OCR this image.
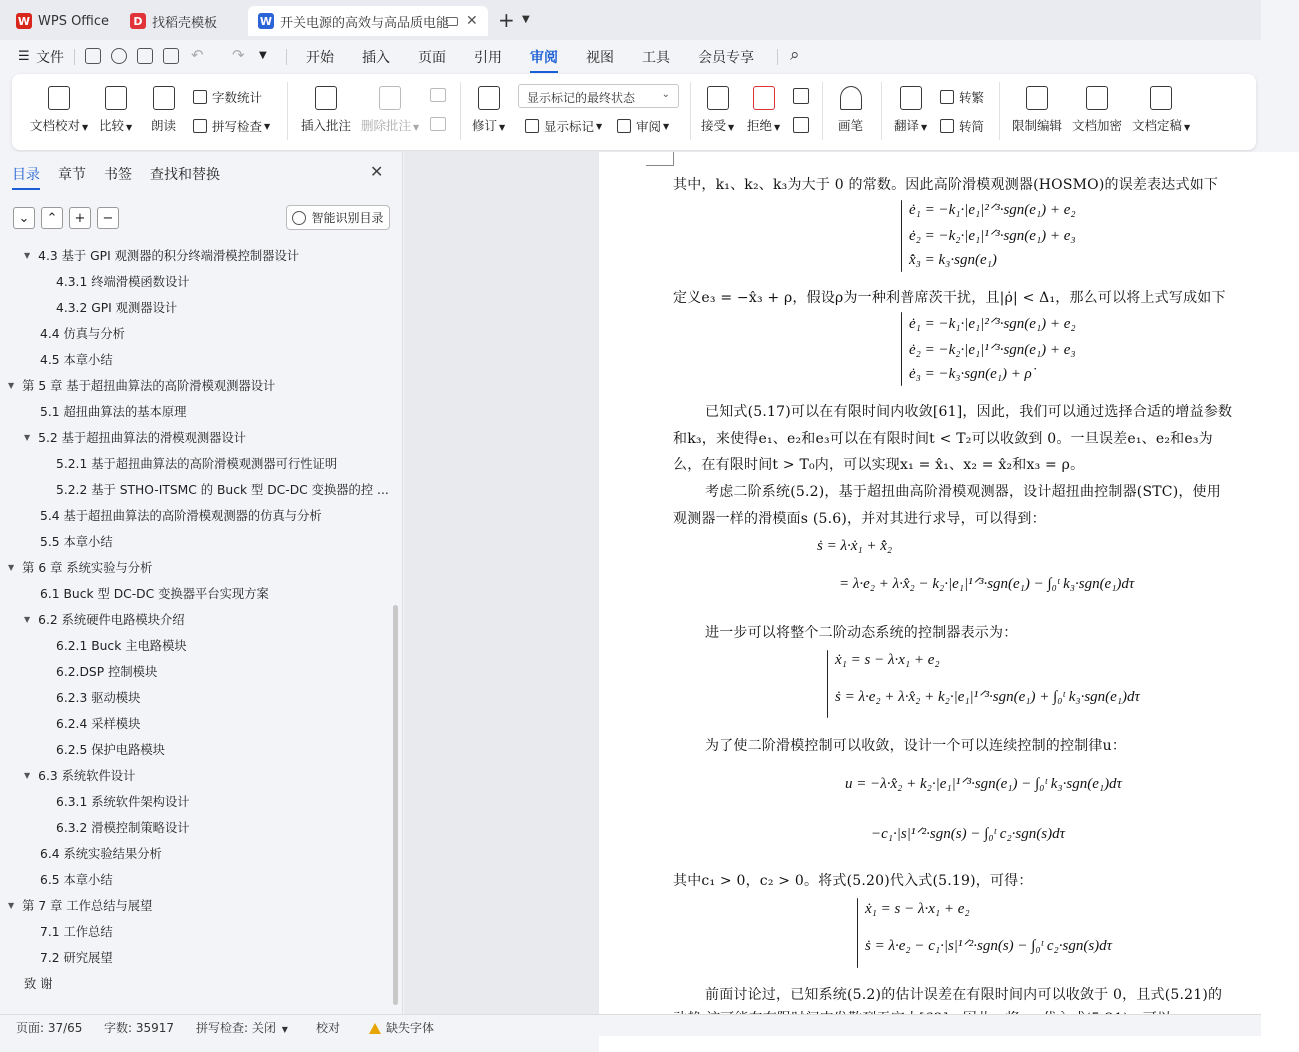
W WPS Office	D 找稻壳模板	W 开关电源的高效与高品质电能 ✕ + ▼
☰ 文件	↶ ↷ ▼	开始 插入 页面 引用 审阅 视图 工具 会员专享 ⌕
文档校对 ▼ 比较 ▼ 朗读
字数统计
拼写检查 ▼ 插入批注 删除批注 ▼	修订 ▼
显示标记的最终状态	⌄
显示标记 ▼	审阅 ▼	接受 ▼ 拒绝 ▼	画笔 翻译 ▼
转繁
转简 限制编辑 文档加密 文档定稿 ▼
目录 章节 书签 查找和替换	✕
⌄	⌃	+	−	智能识别目录
▼ 4.3 基于 GPI 观测器的积分终端滑模控制器设计
4.3.1 终端滑模函数设计
4.3.2 GPI 观测器设计
4.4 仿真与分析
4.5 本章小结
▼ 第 5 章 基于超扭曲算法的高阶滑模观测器设计
5.1 超扭曲算法的基本原理
▼ 5.2 基于超扭曲算法的滑模观测器设计
5.2.1 基于超扭曲算法的高阶滑模观测器可行性证明
5.2.2 基于 STHO-ITSMC 的 Buck 型 DC-DC 变换器的控 ...
5.4 基于超扭曲算法的高阶滑模观测器的仿真与分析
5.5 本章小结
▼ 第 6 章 系统实验与分析
6.1 Buck 型 DC-DC 变换器平台实现方案
▼ 6.2 系统硬件电路模块介绍
6.2.1 Buck 主电路模块
6.2.DSP 控制模块
6.2.3 驱动模块
6.2.4 采样模块
6.2.5 保护电路模块
▼ 6.3 系统软件设计
6.3.1 系统软件架构设计
6.3.2 滑模控制策略设计
6.4 系统实验结果分析
6.5 本章小结
▼ 第 7 章 工作总结与展望
7.1 工作总结
7.2 研究展望
致 谢
其中，k₁、k₂、k₃为大于 0 的常数。因此高阶滑模观测器(HOSMO)的误差表达式如下
ė₁ = −k₁·|e₁|²ᐟ³·sgn(e₁) + e₂
ė₂ = −k₂·|e₁|¹ᐟ³·sgn(e₁) + e₃
x̂̇₃ = k₃·sgn(e₁)
定义e₃ = −x̂₃ + ρ，假设ρ为一种利普席茨干扰，且|ρ̇| < Δ₁，那么可以将上式写成如下
ė₁ = −k₁·|e₁|²ᐟ³·sgn(e₁) + e₂
ė₂ = −k₂·|e₁|¹ᐟ³·sgn(e₁) + e₃
ė₃ = −k₃·sgn(e₁) + ρ̇
已知式(5.17)可以在有限时间内收敛[61]，因此，我们可以通过选择合适的增益参数
和k₃，来使得e₁、e₂和e₃可以在有限时间t < T₂可以收敛到 0。一旦误差e₁、e₂和e₃为
么，在有限时间t > T₀内，可以实现x₁ = x̂₁、x₂ = x̂₂和x₃ = ρ。
考虑二阶系统(5.2)，基于超扭曲高阶滑模观测器，设计超扭曲控制器(STC)，使用
观测器一样的滑模面s (5.6)，并对其进行求导，可以得到：
ṡ = λ·ẋ₁ + x̂̇₂
= λ·e₂ + λ·x̂₂ − k₂·|e₁|¹ᐟ³·sgn(e₁) − ∫₀ᵗ k₃·sgn(e₁)dτ
进一步可以将整个二阶动态系统的控制器表示为：
ẋ₁ = s − λ·x₁ + e₂
ṡ = λ·e₂ + λ·x̂₂ + k₂·|e₁|¹ᐟ³·sgn(e₁) + ∫₀ᵗ k₃·sgn(e₁)dτ
为了使二阶滑模控制可以收敛，设计一个可以连续控制的控制律u：
u = −λ·x̂₂ + k₂·|e₁|¹ᐟ³·sgn(e₁) − ∫₀ᵗ k₃·sgn(e₁)dτ
−c₁·|s|¹ᐟ²·sgn(s) − ∫₀ᵗ c₂·sgn(s)dτ
其中c₁ > 0，c₂ > 0。将式(5.20)代入式(5.19)，可得：
ẋ₁ = s − λ·x₁ + e₂
ṡ = λ·e₂ − c₁·|s|¹ᐟ²·sgn(s) − ∫₀ᵗ c₂·sgn(s)dτ
前面讨论过，已知系统(5.2)的估计误差在有限时间内可以收敛于 0，且式(5.21)的
页面: 37/65 字数: 35917 拼写检查: 关闭 ▼ 校对	缺失字体
